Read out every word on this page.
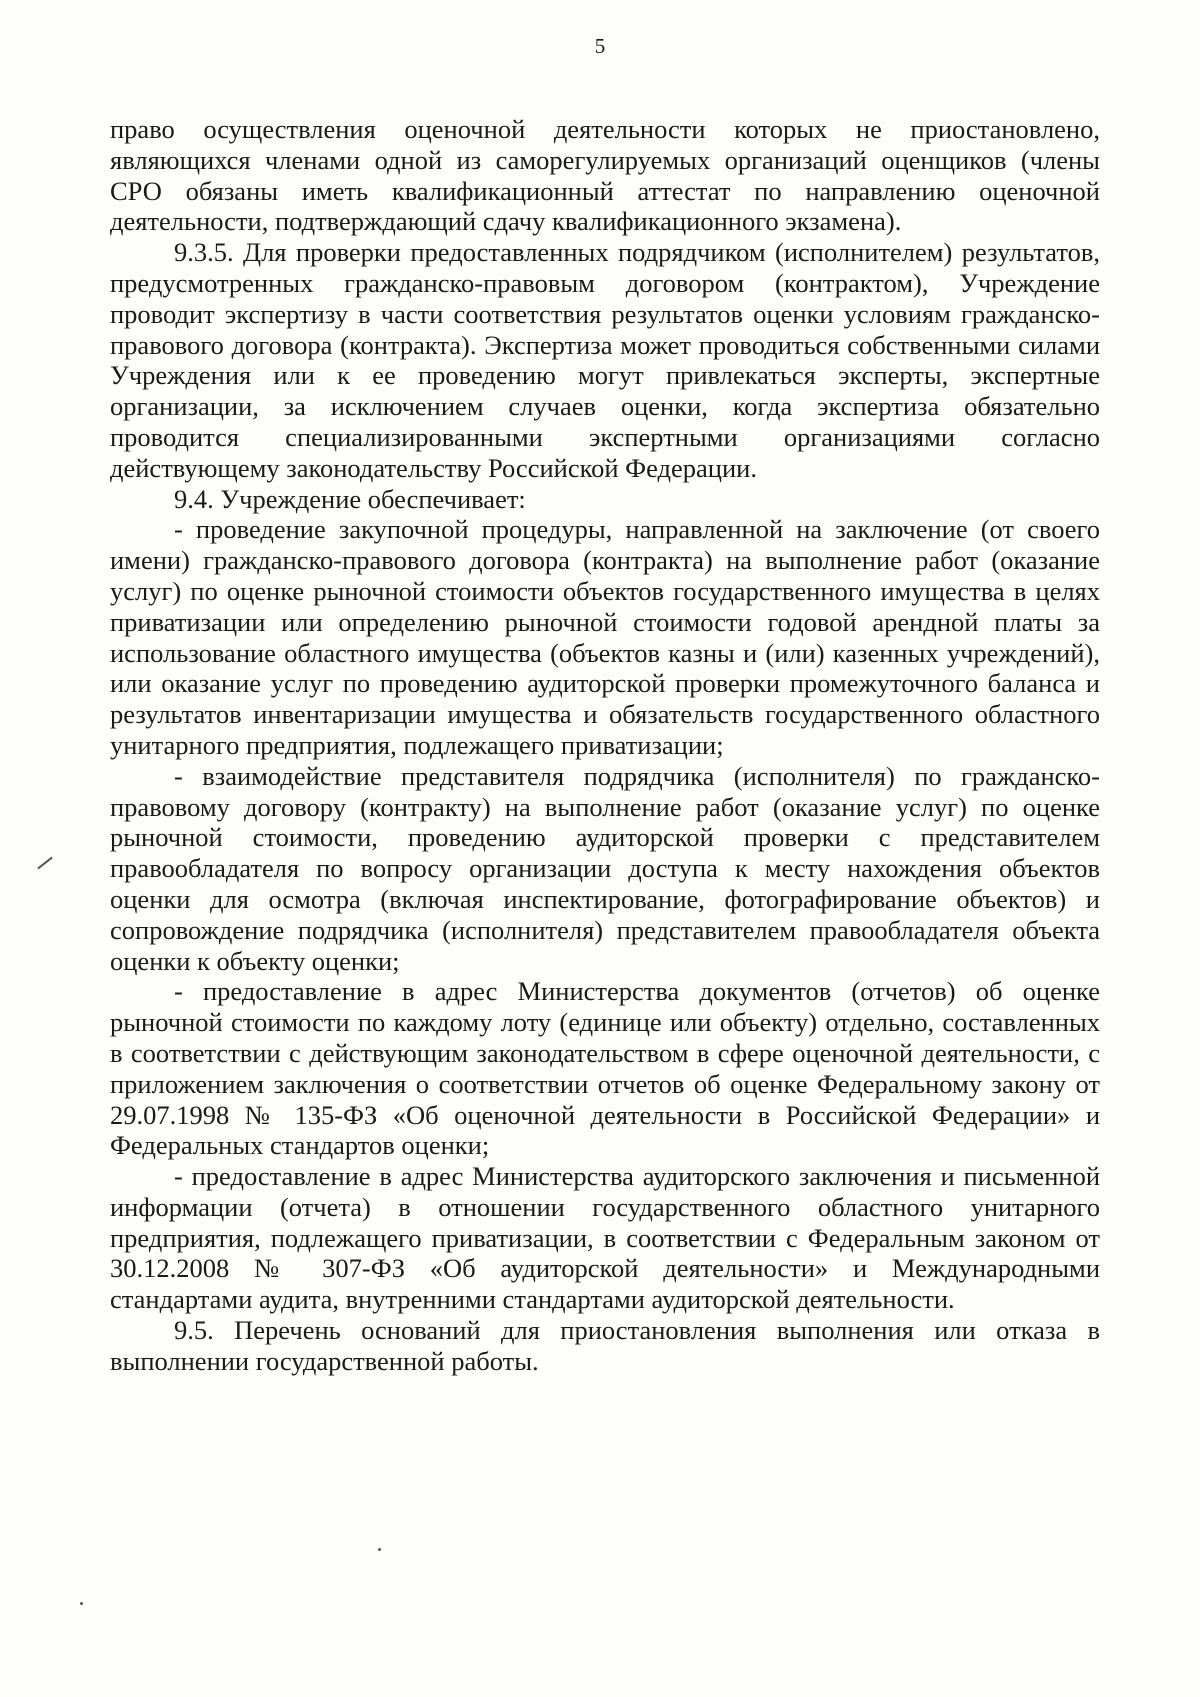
5

право осуществления оценочной деятельности которых не приостановлено, являющихся членами одной из саморегулируемых организаций оценщиков (члены СРО обязаны иметь квалификационный аттестат по направлению оценочной деятельности, подтверждающий сдачу квалификационного экзамена).

9.3.5. Для проверки предоставленных подрядчиком (исполнителем) результатов, предусмотренных гражданско-правовым договором (контрактом), Учреждение проводит экспертизу в части соответствия результатов оценки условиям гражданско-правового договора (контракта). Экспертиза может проводиться собственными силами Учреждения или к ее проведению могут привлекаться эксперты, экспертные организации, за исключением случаев оценки, когда экспертиза обязательно проводится специализированными экспертными организациями согласно действующему законодательству Российской Федерации.

9.4. Учреждение обеспечивает:

- проведение закупочной процедуры, направленной на заключение (от своего имени) гражданско-правового договора (контракта) на выполнение работ (оказание услуг) по оценке рыночной стоимости объектов государственного имущества в целях приватизации или определению рыночной стоимости годовой арендной платы за использование областного имущества (объектов казны и (или) казенных учреждений), или оказание услуг по проведению аудиторской проверки промежуточного баланса и результатов инвентаризации имущества и обязательств государственного областного унитарного предприятия, подлежащего приватизации;

- взаимодействие представителя подрядчика (исполнителя) по гражданско-правовому договору (контракту) на выполнение работ (оказание услуг) по оценке рыночной стоимости, проведению аудиторской проверки с представителем правообладателя по вопросу организации доступа к месту нахождения объектов оценки для осмотра (включая инспектирование, фотографирование объектов) и сопровождение подрядчика (исполнителя) представителем правообладателя объекта оценки к объекту оценки;

- предоставление в адрес Министерства документов (отчетов) об оценке рыночной стоимости по каждому лоту (единице или объекту) отдельно, составленных в соответствии с действующим законодательством в сфере оценочной деятельности, с приложением заключения о соответствии отчетов об оценке Федеральному закону от 29.07.1998 № 135-ФЗ «Об оценочной деятельности в Российской Федерации» и Федеральных стандартов оценки;

- предоставление в адрес Министерства аудиторского заключения и письменной информации (отчета) в отношении государственного областного унитарного предприятия, подлежащего приватизации, в соответствии с Федеральным законом от 30.12.2008 № 307-ФЗ «Об аудиторской деятельности» и Международными стандартами аудита, внутренними стандартами аудиторской деятельности.

9.5. Перечень оснований для приостановления выполнения или отказа в выполнении государственной работы.
